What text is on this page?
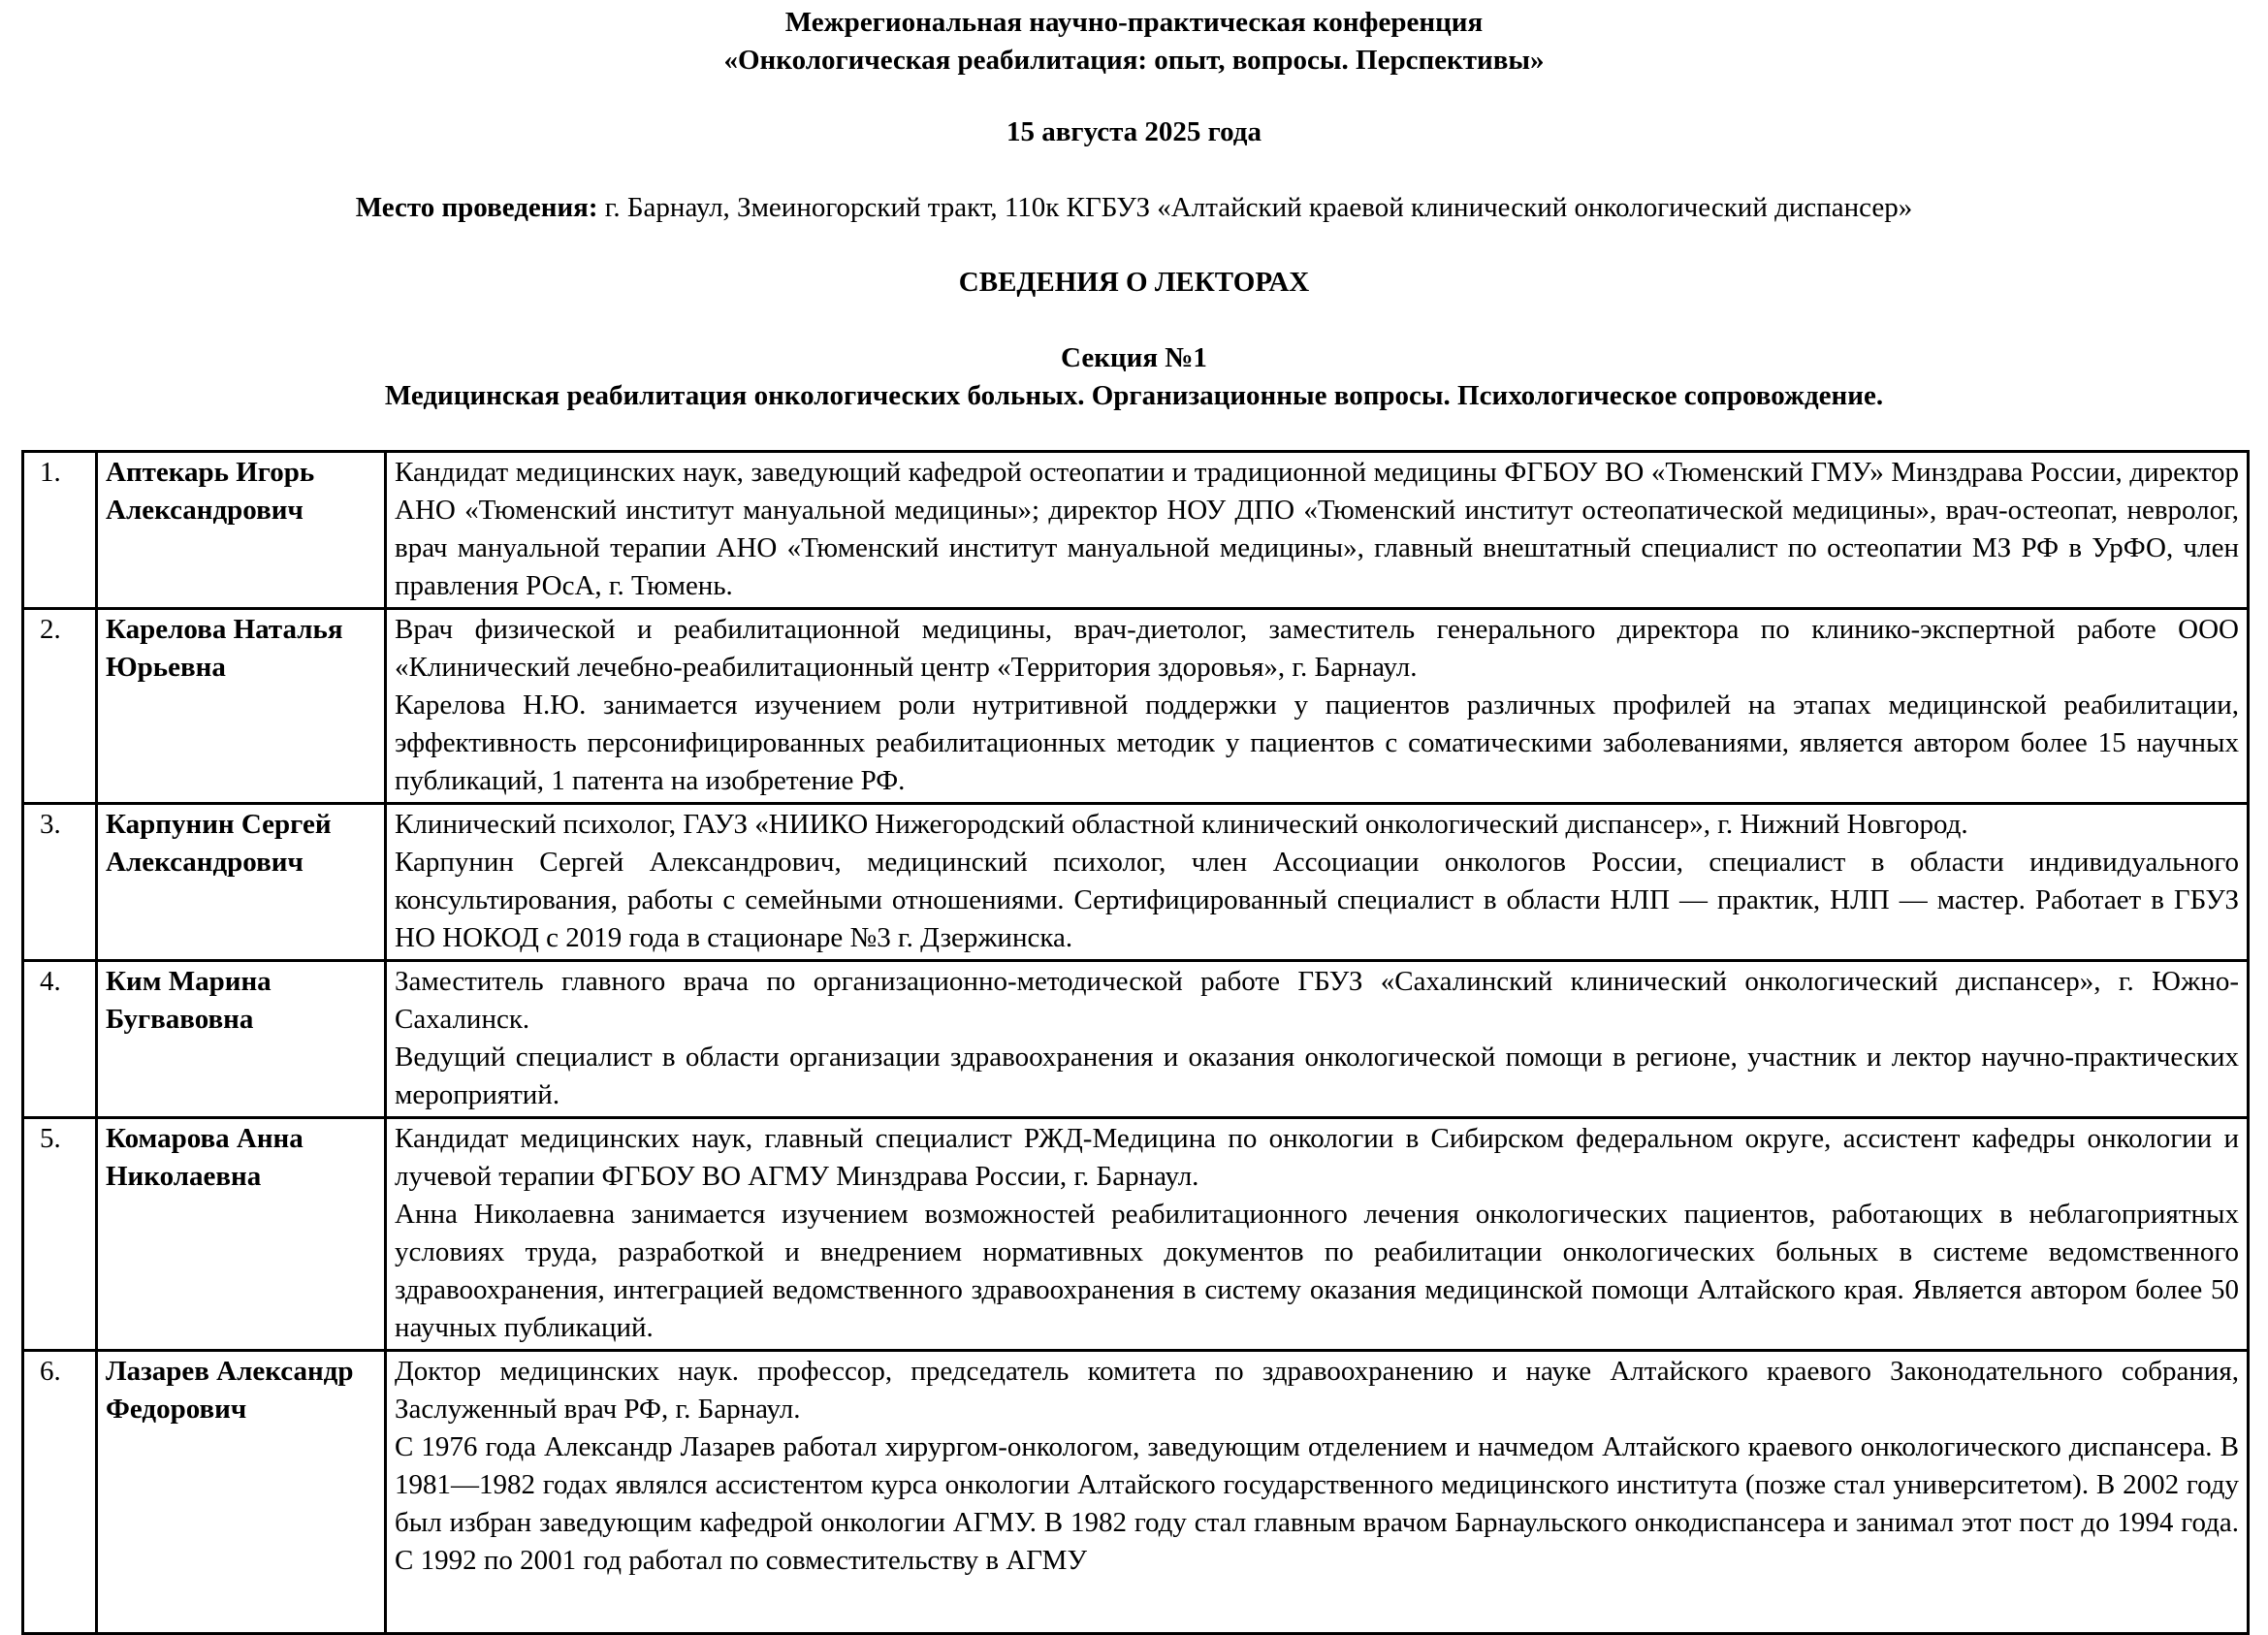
Межрегиональная научно-практическая конференция
«Онкологическая реабилитация: опыт, вопросы. Перспективы»
15 августа 2025 года
Место проведения: г. Барнаул, Змеиногорский тракт, 110к КГБУЗ «Алтайский краевой клинический онкологический диспансер»
СВЕДЕНИЯ О ЛЕКТОРАХ
Секция №1
Медицинская реабилитация онкологических больных. Организационные вопросы. Психологическое сопровождение.
1.	Аптекарь Игорь Александрович	Кандидат медицинских наук, заведующий кафедрой остеопатии и традиционной медицины ФГБОУ ВО «Тюменский ГМУ» Минздрава России, директор АНО «Тюменский институт мануальной медицины»; директор НОУ ДПО «Тюменский институт остеопатической медицины», врач-остеопат, невролог, врач мануальной терапии АНО «Тюменский институт мануальной медицины», главный внештатный специалист по остеопатии МЗ РФ в УрФО, член правления РОсА, г. Тюмень.

2.	Карелова Наталья Юрьевна	Врач физической и реабилитационной медицины, врач-диетолог, заместитель генерального директора по клинико-экспертной работе ООО «Клинический лечебно-реабилитационный центр «Территория здоровья», г. Барнаул.

Карелова Н.Ю. занимается изучением роли нутритивной поддержки у пациентов различных профилей на этапах медицинской реабилитации, эффективность персонифицированных реабилитационных методик у пациентов с соматическими заболеваниями, является автором более 15 научных публикаций, 1 патента на изобретение РФ.

3.	Карпунин Сергей Александрович	Клинический психолог, ГАУЗ «НИИКО Нижегородский областной клинический онкологический диспансер», г. Нижний Новгород.

Карпунин Сергей Александрович, медицинский психолог, член Ассоциации онкологов России, специалист в области индивидуального консультирования, работы с семейными отношениями. Сертифицированный специалист в области НЛП — практик, НЛП — мастер. Работает в ГБУЗ НО НОКОД с 2019 года в стационаре №3 г. Дзержинска.

4.	Ким Марина Бугвавовна	Заместитель главного врача по организационно-методической работе ГБУЗ «Сахалинский клинический онкологический диспансер», г. Южно-Сахалинск.

Ведущий специалист в области организации здравоохранения и оказания онкологической помощи в регионе, участник и лектор научно-практических мероприятий.

5.	Комарова Анна Николаевна	Кандидат медицинских наук, главный специалист РЖД-Медицина по онкологии в Сибирском федеральном округе, ассистент кафедры онкологии и лучевой терапии ФГБОУ ВО АГМУ Минздрава России, г. Барнаул.

Анна Николаевна занимается изучением возможностей реабилитационного лечения онкологических пациентов, работающих в неблагоприятных условиях труда, разработкой и внедрением нормативных документов по реабилитации онкологических больных в системе ведомственного здравоохранения, интеграцией ведомственного здравоохранения в систему оказания медицинской помощи Алтайского края. Является автором более 50 научных публикаций.

6.	Лазарев Александр Федорович	Доктор медицинских наук. профессор, председатель комитета по здравоохранению и науке Алтайского краевого Законодательного собрания, Заслуженный врач РФ, г. Барнаул.

С 1976 года Александр Лазарев работал хирургом-онкологом, заведующим отделением и начмедом Алтайского краевого онкологического диспансера. В 1981—1982 годах являлся ассистентом курса онкологии Алтайского государственного медицинского института (позже стал университетом). В 2002 году был избран заведующим кафедрой онкологии АГМУ. В 1982 году стал главным врачом Барнаульского онкодиспансера и занимал этот пост до 1994 года. С 1992 по 2001 год работал по совместительству в АГМУ
